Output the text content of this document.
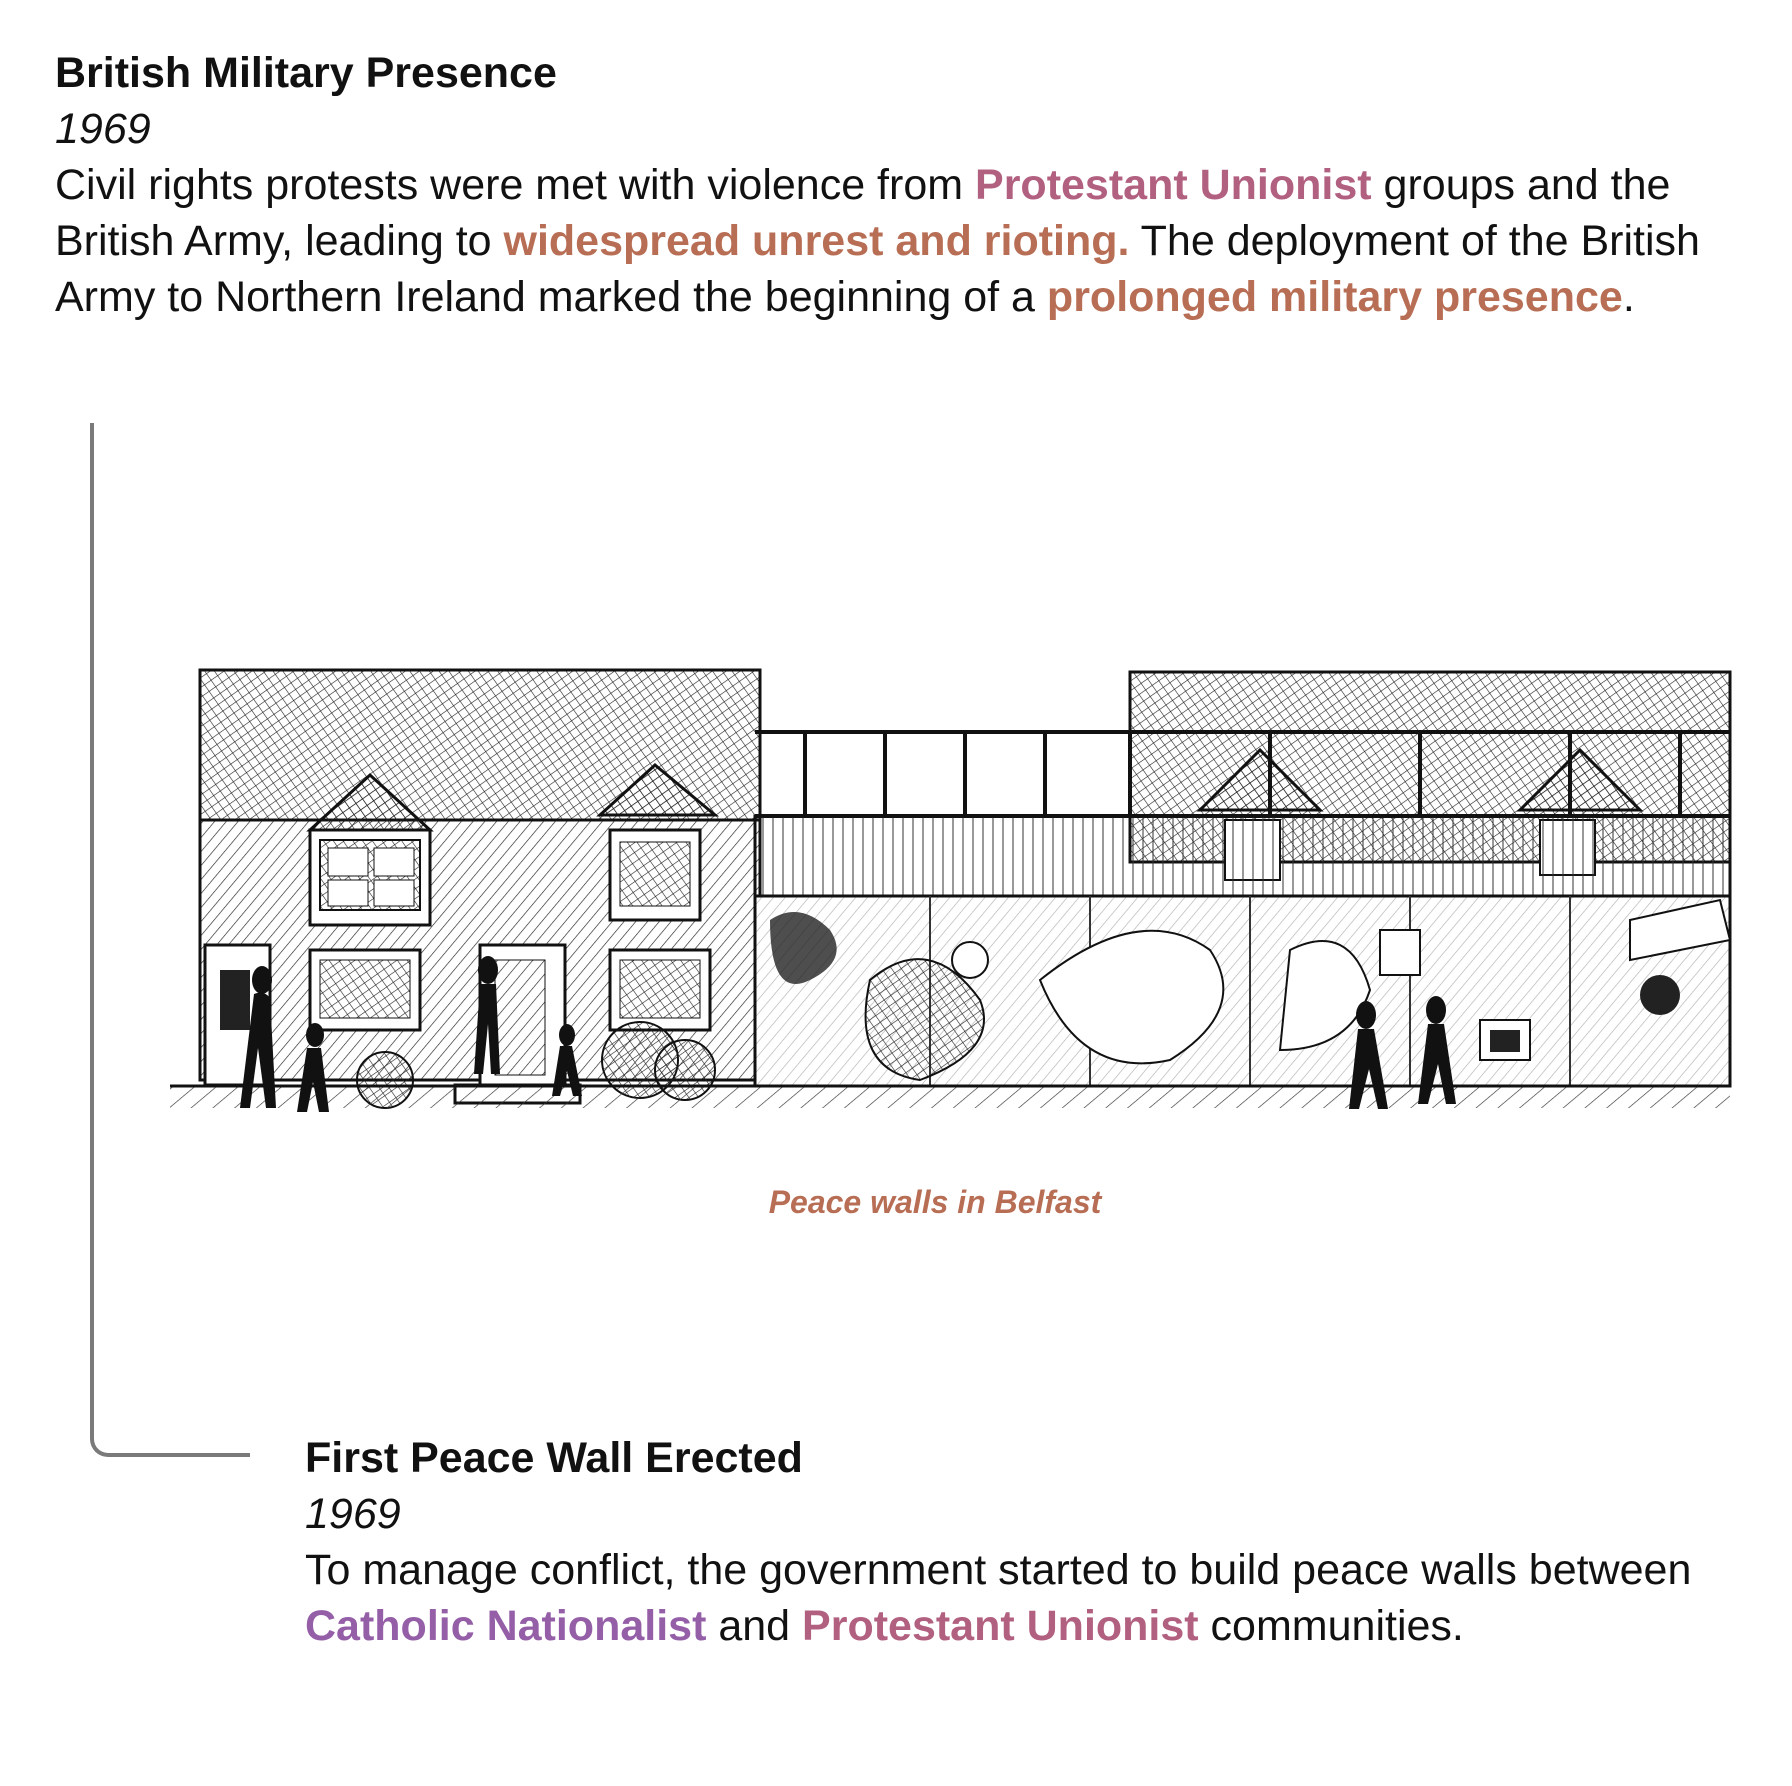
British Military Presence
1969
Civil rights protests were met with violence from Protestant Unionist groups and the British Army, leading to widespread unrest and rioting. The deployment of the British Army to Northern Ireland marked the beginning of a prolonged military presence.
Peace walls in Belfast
First Peace Wall Erected
1969
To manage conflict, the government started to build peace walls between Catholic Nationalist and Protestant Unionist communities.
